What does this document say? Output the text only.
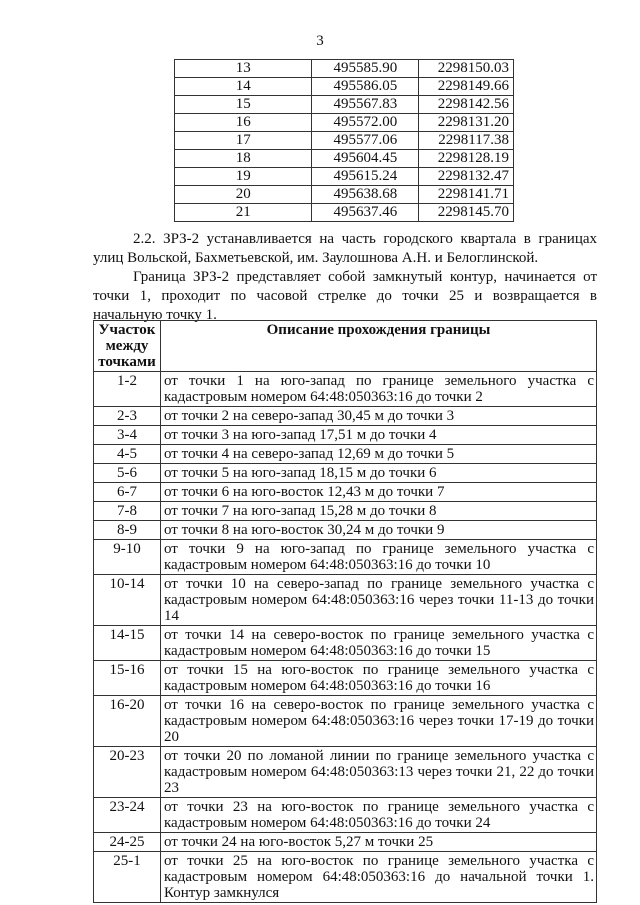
3
13	495585.90	2298150.03
14	495586.05	2298149.66
15	495567.83	2298142.56
16	495572.00	2298131.20
17	495577.06	2298117.38
18	495604.45	2298128.19
19	495615.24	2298132.47
20	495638.68	2298141.71
21	495637.46	2298145.70
2.2. ЗРЗ-2 устанавливается на часть городского квартала в границах улиц Вольской, Бахметьевской, им. Заулошнова А.Н. и Белоглинской.
Граница ЗРЗ-2 представляет собой замкнутый контур, начинается от точки 1, проходит по часовой стрелке до точки 25 и возвращается в начальную точку 1.
Участок между точками	Описание прохождения границы
1-2	от точки 1 на юго-запад по границе земельного участка с кадастровым номером 64:48:050363:16 до точки 2
2-3	от точки 2 на северо-запад 30,45 м до точки 3
3-4	от точки 3 на юго-запад 17,51 м до точки 4
4-5	от точки 4 на северо-запад 12,69 м до точки 5
5-6	от точки 5 на юго-запад 18,15 м до точки 6
6-7	от точки 6 на юго-восток 12,43 м до точки 7
7-8	от точки 7 на юго-запад 15,28 м до точки 8
8-9	от точки 8 на юго-восток 30,24 м до точки 9
9-10	от точки 9 на юго-запад по границе земельного участка с кадастровым номером 64:48:050363:16 до точки 10
10-14	от точки 10 на северо-запад по границе земельного участка с кадастровым номером 64:48:050363:16 через точки 11-13 до точки 14
14-15	от точки 14 на северо-восток по границе земельного участка с кадастровым номером 64:48:050363:16 до точки 15
15-16	от точки 15 на юго-восток по границе земельного участка с кадастровым номером 64:48:050363:16 до точки 16
16-20	от точки 16 на северо-восток по границе земельного участка с кадастровым номером 64:48:050363:16 через точки 17-19 до точки 20
20-23	от точки 20 по ломаной линии по границе земельного участка с кадастровым номером 64:48:050363:13 через точки 21, 22 до точки 23
23-24	от точки 23 на юго-восток по границе земельного участка с кадастровым номером 64:48:050363:16 до точки 24
24-25	от точки 24 на юго-восток 5,27 м точки 25
25-1	от точки 25 на юго-восток по границе земельного участка с кадастровым номером 64:48:050363:16 до начальной точки 1. Контур замкнулся
